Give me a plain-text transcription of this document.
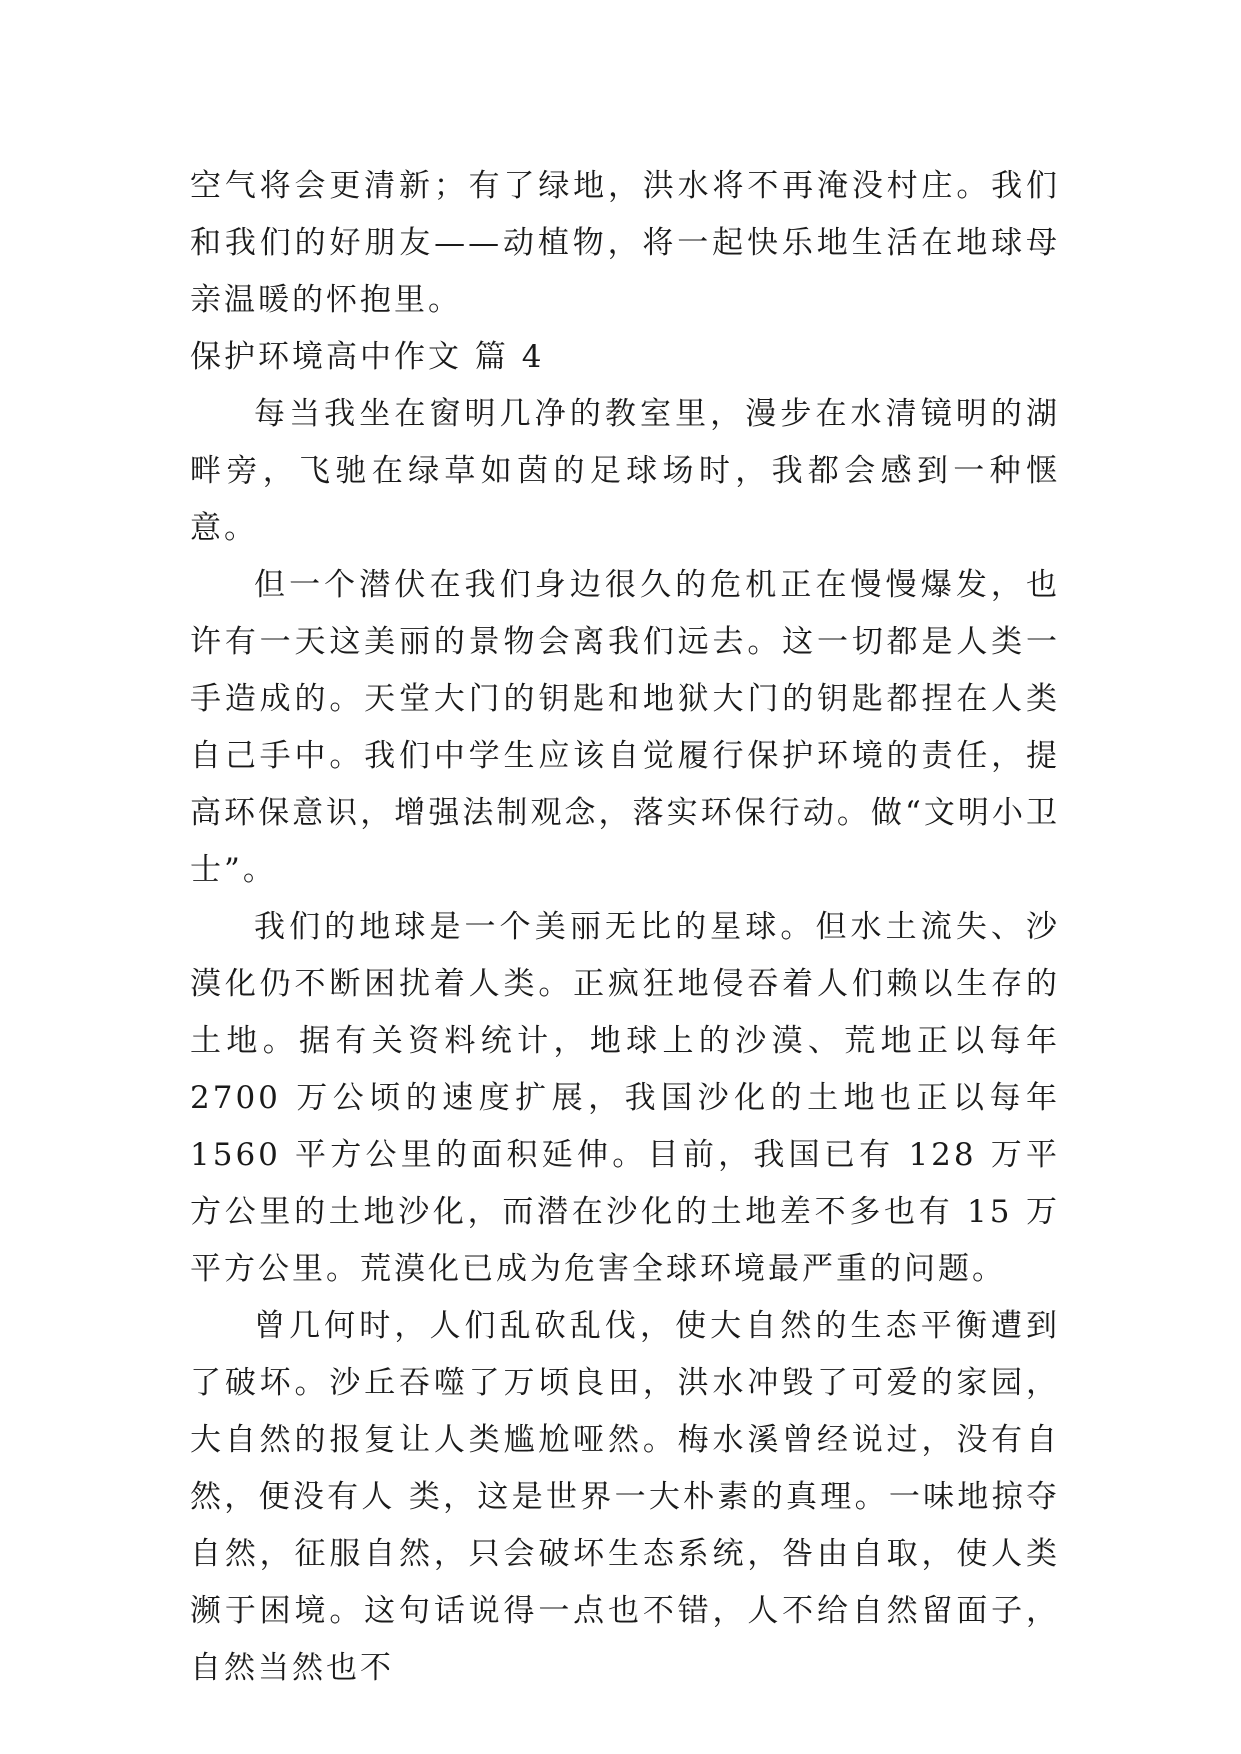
空气将会更清新；有了绿地，洪水将不再淹没村庄。我们和我们的好朋友——动植物，将一起快乐地生活在地球母亲温暖的怀抱里。

保护环境高中作文 篇 4

每当我坐在窗明几净的教室里，漫步在水清镜明的湖畔旁，飞驰在绿草如茵的足球场时，我都会感到一种惬意。

但一个潜伏在我们身边很久的危机正在慢慢爆发，也许有一天这美丽的景物会离我们远去。这一切都是人类一手造成的。天堂大门的钥匙和地狱大门的钥匙都捏在人类自己手中。我们中学生应该自觉履行保护环境的责任，提高环保意识，增强法制观念，落实环保行动。做“文明小卫士”。

我们的地球是一个美丽无比的星球。但水土流失、沙漠化仍不断困扰着人类。正疯狂地侵吞着人们赖以生存的土地。据有关资料统计，地球上的沙漠、荒地正以每年 2700 万公顷的速度扩展，我国沙化的土地也正以每年 1560 平方公里的面积延伸。目前，我国已有 128 万平方公里的土地沙化，而潜在沙化的土地差不多也有 15 万平方公里。荒漠化已成为危害全球环境最严重的问题。

曾几何时，人们乱砍乱伐，使大自然的生态平衡遭到了破坏。沙丘吞噬了万顷良田，洪水冲毁了可爱的家园，大自然的报复让人类尴尬哑然。梅水溪曾经说过，没有自然，便没有人 类，这是世界一大朴素的真理。一味地掠夺自然，征服自然，只会破坏生态系统，咎由自取，使人类濒于困境。这句话说得一点也不错，人不给自然留面子，自然当然也不
